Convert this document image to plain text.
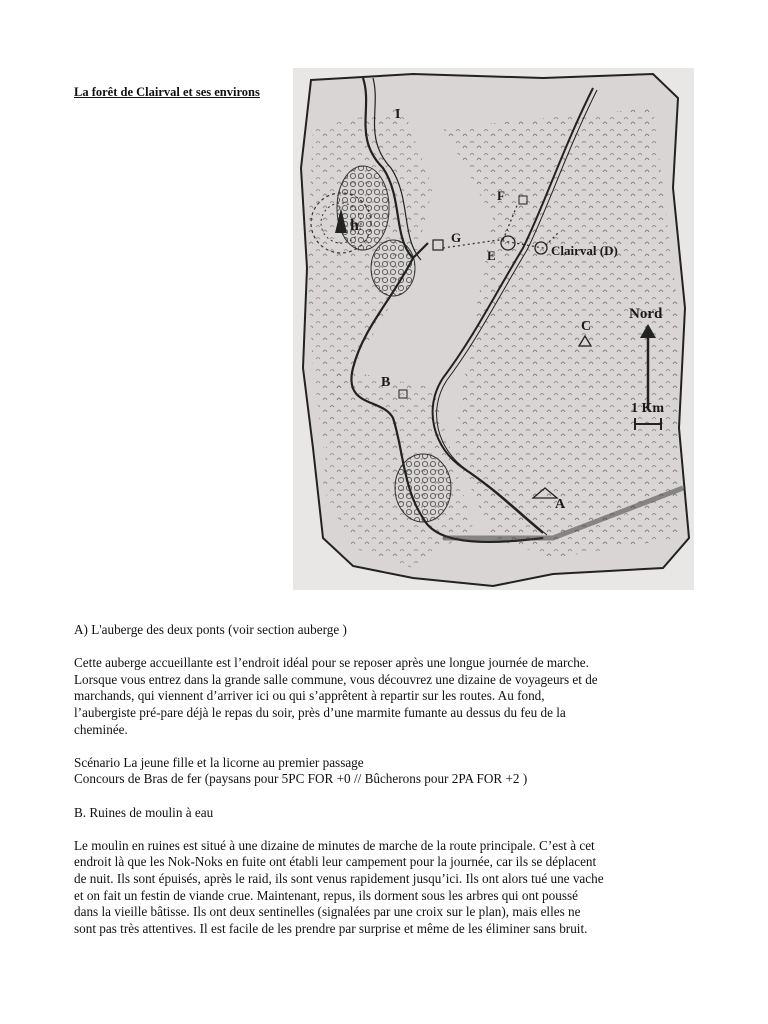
La forêt de Clairval et ses environs
I
h
G
F
E	Clairval (D)
C
B
A
Nord
1 Km

A) L'auberge des deux ponts (voir section auberge )

Cette auberge accueillante est l’endroit idéal pour se reposer après une longue journée de marche.
Lorsque vous entrez dans la grande salle commune, vous découvrez une dizaine de voyageurs et de
marchands, qui viennent d’arriver ici ou qui s’apprêtent à repartir sur les routes. Au fond,
l’aubergiste pré-pare déjà le repas du soir, près d’une marmite fumante au dessus du feu de la
cheminée.

Scénario La jeune fille et la licorne au premier passage
Concours de Bras de fer (paysans pour 5PC FOR +0 // Bûcherons pour 2PA FOR +2 )

B. Ruines de moulin à eau

Le moulin en ruines est situé à une dizaine de minutes de marche de la route principale. C’est à cet
endroit là que les Nok-Noks en fuite ont établi leur campement pour la journée, car ils se déplacent
de nuit. Ils sont épuisés, après le raid, ils sont venus rapidement jusqu’ici. Ils ont alors tué une vache
et on fait un festin de viande crue. Maintenant, repus, ils dorment sous les arbres qui ont poussé
dans la vieille bâtisse. Ils ont deux sentinelles (signalées par une croix sur le plan), mais elles ne
sont pas très attentives. Il est facile de les prendre par surprise et même de les éliminer sans bruit.
